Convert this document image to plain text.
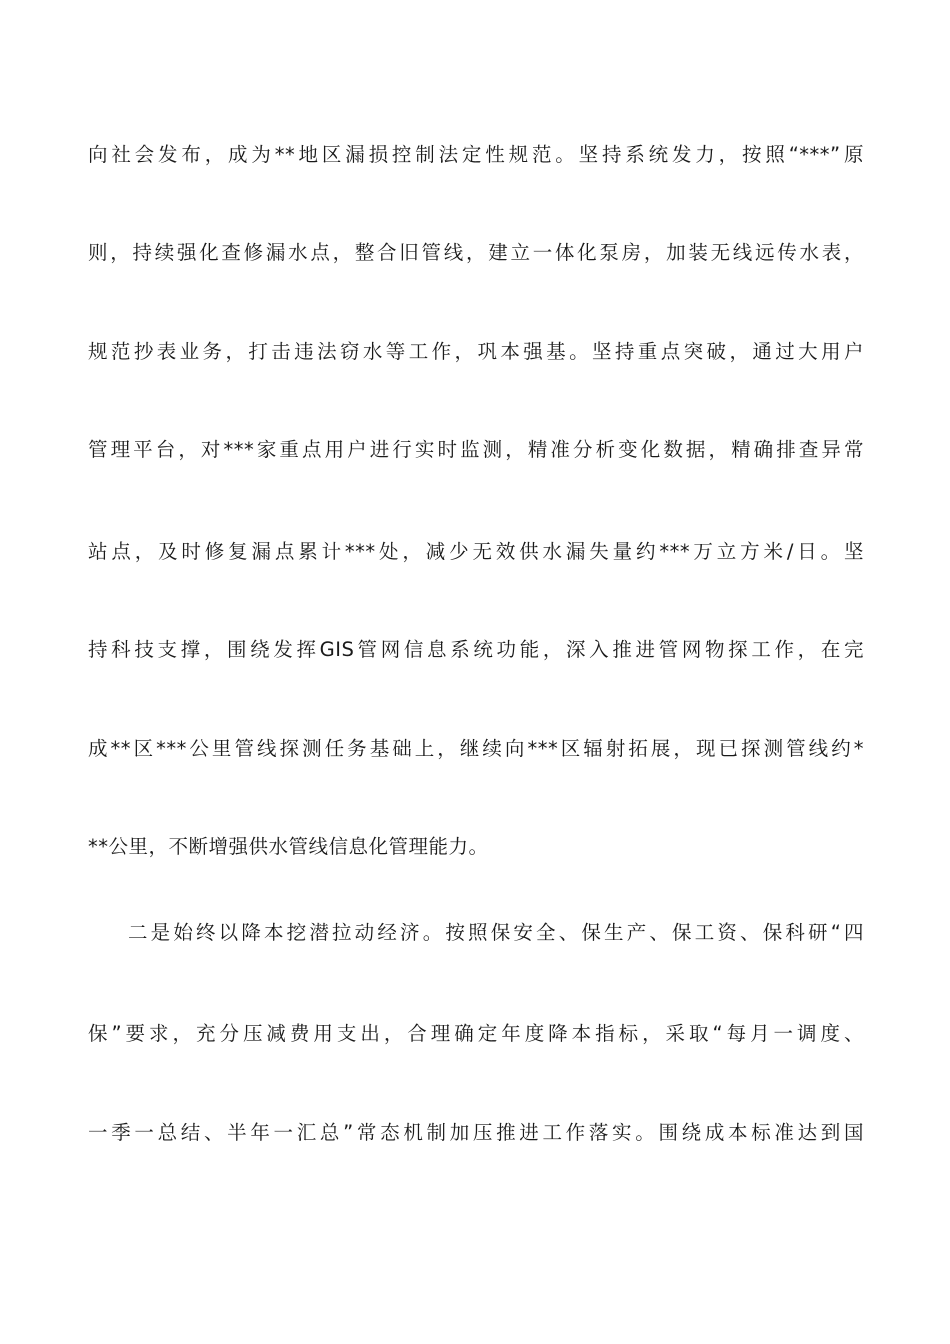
向社会发布，成为**地区漏损控制法定性规范。坚持系统发力，按照“***”原
则，持续强化查修漏水点，整合旧管线，建立一体化泵房，加装无线远传水表，
规范抄表业务，打击违法窃水等工作，巩本强基。坚持重点突破，通过大用户
管理平台，对***家重点用户进行实时监测，精准分析变化数据，精确排查异常
站点，及时修复漏点累计***处，减少无效供水漏失量约***万立方米/日。坚
持科技支撑，围绕发挥GIS管网信息系统功能，深入推进管网物探工作，在完
成**区***公里管线探测任务基础上，继续向***区辐射拓展，现已探测管线约*
**公里，不断增强供水管线信息化管理能力。
二是始终以降本挖潜拉动经济。按照保安全、保生产、保工资、保科研“四
保”要求，充分压减费用支出，合理确定年度降本指标，采取“每月一调度、
一季一总结、半年一汇总”常态机制加压推进工作落实。围绕成本标准达到国
